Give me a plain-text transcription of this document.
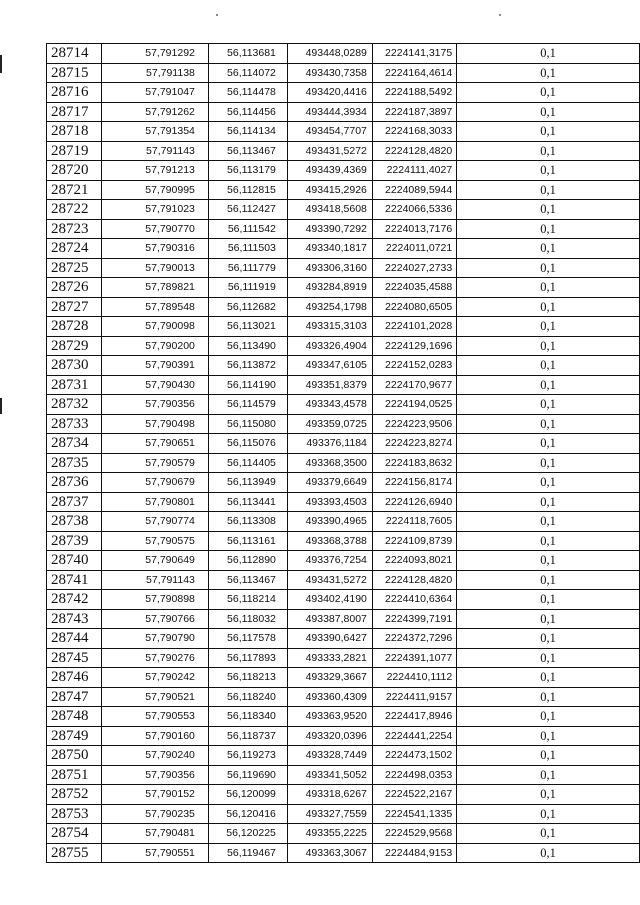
28714	57,791292	56,113681	493448,0289	2224141,3175	0,1
28715	57,791138	56,114072	493430,7358	2224164,4614	0,1
28716	57,791047	56,114478	493420,4416	2224188,5492	0,1
28717	57,791262	56,114456	493444,3934	2224187,3897	0,1
28718	57,791354	56,114134	493454,7707	2224168,3033	0,1
28719	57,791143	56,113467	493431,5272	2224128,4820	0,1
28720	57,791213	56,113179	493439,4369	2224111,4027	0,1
28721	57,790995	56,112815	493415,2926	2224089,5944	0,1
28722	57,791023	56,112427	493418,5608	2224066,5336	0,1
28723	57,790770	56,111542	493390,7292	2224013,7176	0,1
28724	57,790316	56,111503	493340,1817	2224011,0721	0,1
28725	57,790013	56,111779	493306,3160	2224027,2733	0,1
28726	57,789821	56,111919	493284,8919	2224035,4588	0,1
28727	57,789548	56,112682	493254,1798	2224080,6505	0,1
28728	57,790098	56,113021	493315,3103	2224101,2028	0,1
28729	57,790200	56,113490	493326,4904	2224129,1696	0,1
28730	57,790391	56,113872	493347,6105	2224152,0283	0,1
28731	57,790430	56,114190	493351,8379	2224170,9677	0,1
28732	57,790356	56,114579	493343,4578	2224194,0525	0,1
28733	57,790498	56,115080	493359,0725	2224223,9506	0,1
28734	57,790651	56,115076	493376,1184	2224223,8274	0,1
28735	57,790579	56,114405	493368,3500	2224183,8632	0,1
28736	57,790679	56,113949	493379,6649	2224156,8174	0,1
28737	57,790801	56,113441	493393,4503	2224126,6940	0,1
28738	57,790774	56,113308	493390,4965	2224118,7605	0,1
28739	57,790575	56,113161	493368,3788	2224109,8739	0,1
28740	57,790649	56,112890	493376,7254	2224093,8021	0,1
28741	57,791143	56,113467	493431,5272	2224128,4820	0,1
28742	57,790898	56,118214	493402,4190	2224410,6364	0,1
28743	57,790766	56,118032	493387,8007	2224399,7191	0,1
28744	57,790790	56,117578	493390,6427	2224372,7296	0,1
28745	57,790276	56,117893	493333,2821	2224391,1077	0,1
28746	57,790242	56,118213	493329,3667	2224410,1112	0,1
28747	57,790521	56,118240	493360,4309	2224411,9157	0,1
28748	57,790553	56,118340	493363,9520	2224417,8946	0,1
28749	57,790160	56,118737	493320,0396	2224441,2254	0,1
28750	57,790240	56,119273	493328,7449	2224473,1502	0,1
28751	57,790356	56,119690	493341,5052	2224498,0353	0,1
28752	57,790152	56,120099	493318,6267	2224522,2167	0,1
28753	57,790235	56,120416	493327,7559	2224541,1335	0,1
28754	57,790481	56,120225	493355,2225	2224529,9568	0,1
28755	57,790551	56,119467	493363,3067	2224484,9153	0,1
